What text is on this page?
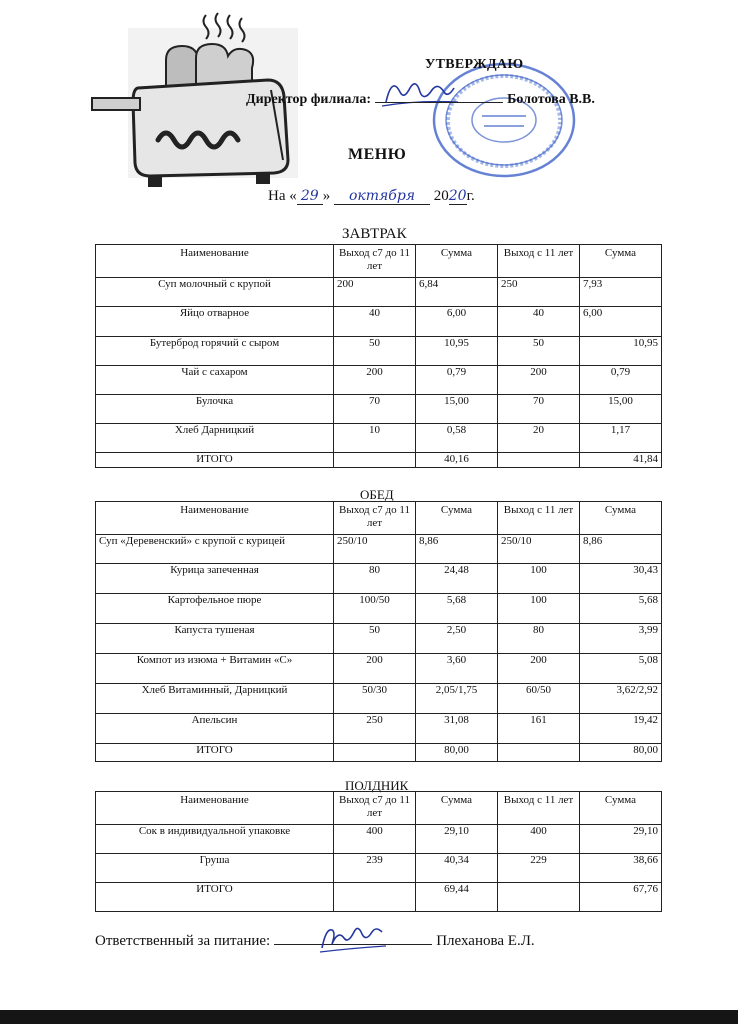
УТВЕРЖДАЮ
Директор филиала:	Болотова В.В.
МЕНЮ
На « 29 » октября 2020г.
ЗАВТРАК
Наименование	Выход с7 до 11 лет	Сумма	Выход с 11 лет	Сумма
Суп молочный с крупой	200	6,84	250	7,93
Яйцо отварное	40	6,00	40	6,00
Бутерброд горячий с сыром	50	10,95	50	10,95
Чай с сахаром	200	0,79	200	0,79
Булочка	70	15,00	70	15,00
Хлеб Дарницкий	10	0,58	20	1,17
ИТОГО		40,16		41,84
ОБЕД
Наименование	Выход с7 до 11 лет	Сумма	Выход с 11 лет	Сумма
Суп «Деревенский» с крупой с курицей	250/10	8,86	250/10	8,86
Курица запеченная	80	24,48	100	30,43
Картофельное пюре	100/50	5,68	100	5,68
Капуста тушеная	50	2,50	80	3,99
Компот из изюма + Витамин «С»	200	3,60	200	5,08
Хлеб Витаминный, Дарницкий	50/30	2,05/1,75	60/50	3,62/2,92
Апельсин	250	31,08	161	19,42
ИТОГО		80,00		80,00
ПОЛДНИК
Наименование	Выход с7 до 11 лет	Сумма	Выход с 11 лет	Сумма
Сок в индивидуальной упаковке	400	29,10	400	29,10
Груша	239	40,34	229	38,66
ИТОГО		69,44		67,76
Ответственный за питание:	Плеханова Е.Л.
